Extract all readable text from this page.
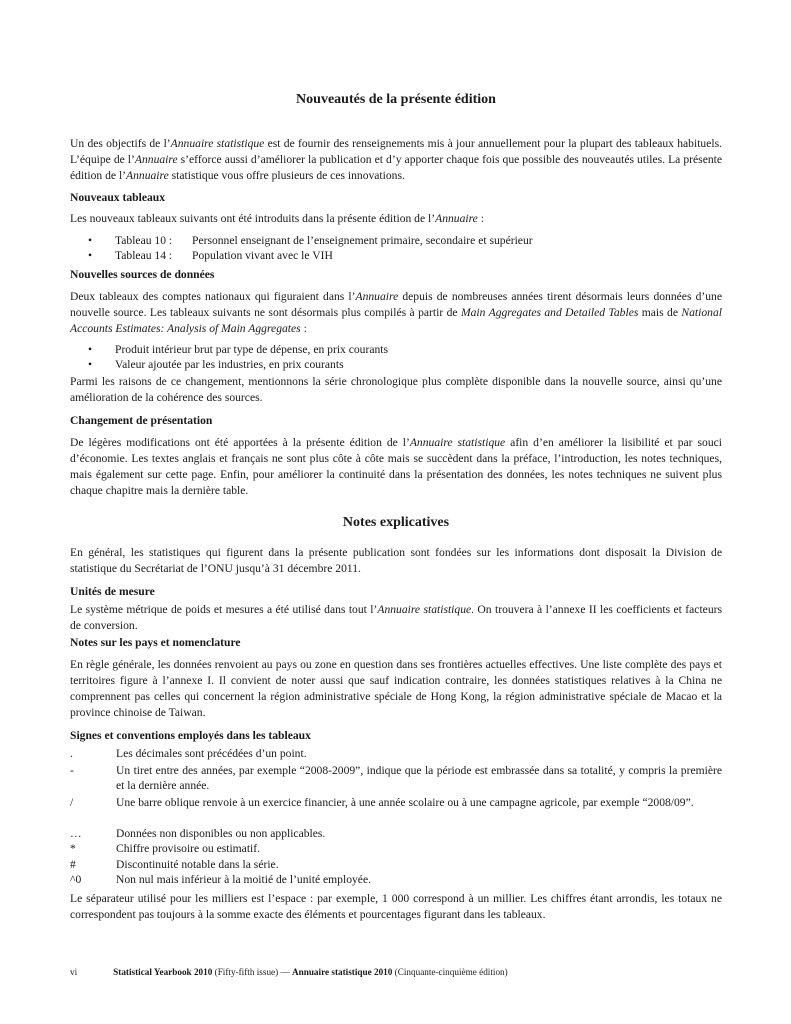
Nouveautés de la présente édition

Un des objectifs de l’Annuaire statistique est de fournir des renseignements mis à jour annuellement pour la plupart des tableaux habituels. L’équipe de l’Annuaire s’efforce aussi d’améliorer la publication et d’y apporter chaque fois que possible des nouveautés utiles. La présente édition de l’Annuaire statistique vous offre plusieurs de ces innovations.

Nouveaux tableaux

Les nouveaux tableaux suivants ont été introduits dans la présente édition de l’Annuaire :

• Tableau 10 : Personnel enseignant de l’enseignement primaire, secondaire et supérieur
• Tableau 14 : Population vivant avec le VIH

Nouvelles sources de données

Deux tableaux des comptes nationaux qui figuraient dans l’Annuaire depuis de nombreuses années tirent désormais leurs données d’une nouvelle source. Les tableaux suivants ne sont désormais plus compilés à partir de Main Aggregates and Detailed Tables mais de National Accounts Estimates: Analysis of Main Aggregates :

• Produit intérieur brut par type de dépense, en prix courants
• Valeur ajoutée par les industries, en prix courants

Parmi les raisons de ce changement, mentionnons la série chronologique plus complète disponible dans la nouvelle source, ainsi qu’une amélioration de la cohérence des sources.

Changement de présentation

De légères modifications ont été apportées à la présente édition de l’Annuaire statistique afin d’en améliorer la lisibilité et par souci d’économie. Les textes anglais et français ne sont plus côte à côte mais se succèdent dans la préface, l’introduction, les notes techniques, mais également sur cette page. Enfin, pour améliorer la continuité dans la présentation des données, les notes techniques ne suivent plus chaque chapitre mais la dernière table.

Notes explicatives

En général, les statistiques qui figurent dans la présente publication sont fondées sur les informations dont disposait la Division de statistique du Secrétariat de l’ONU jusqu’à 31 décembre 2011.

Unités de mesure

Le système métrique de poids et mesures a été utilisé dans tout l’Annuaire statistique. On trouvera à l’annexe II les coefficients et facteurs de conversion.

Notes sur les pays et nomenclature

En règle générale, les données renvoient au pays ou zone en question dans ses frontières actuelles effectives. Une liste complète des pays et territoires figure à l’annexe I. Il convient de noter aussi que sauf indication contraire, les données statistiques relatives à la China ne comprennent pas celles qui concernent la région administrative spéciale de Hong Kong, la région administrative spéciale de Macao et la province chinoise de Taiwan.

Signes et conventions employés dans les tableaux

.	Les décimales sont précédées d’un point.
-	Un tiret entre des années, par exemple “2008-2009”, indique que la période est embrassée dans sa totalité, y compris la première et la dernière année.
/	Une barre oblique renvoie à un exercice financier, à une année scolaire ou à une campagne agricole, par exemple “2008/09”.
…	Données non disponibles ou non applicables.
*	Chiffre provisoire ou estimatif.
#	Discontinuité notable dans la série.
^0	Non nul mais inférieur à la moitié de l’unité employée.

Le séparateur utilisé pour les milliers est l’espace : par exemple, 1 000 correspond à un millier. Les chiffres étant arrondis, les totaux ne correspondent pas toujours à la somme exacte des éléments et pourcentages figurant dans les tableaux.

vi	Statistical Yearbook 2010 (Fifty-fifth issue) — Annuaire statistique 2010 (Cinquante-cinquième édition)
